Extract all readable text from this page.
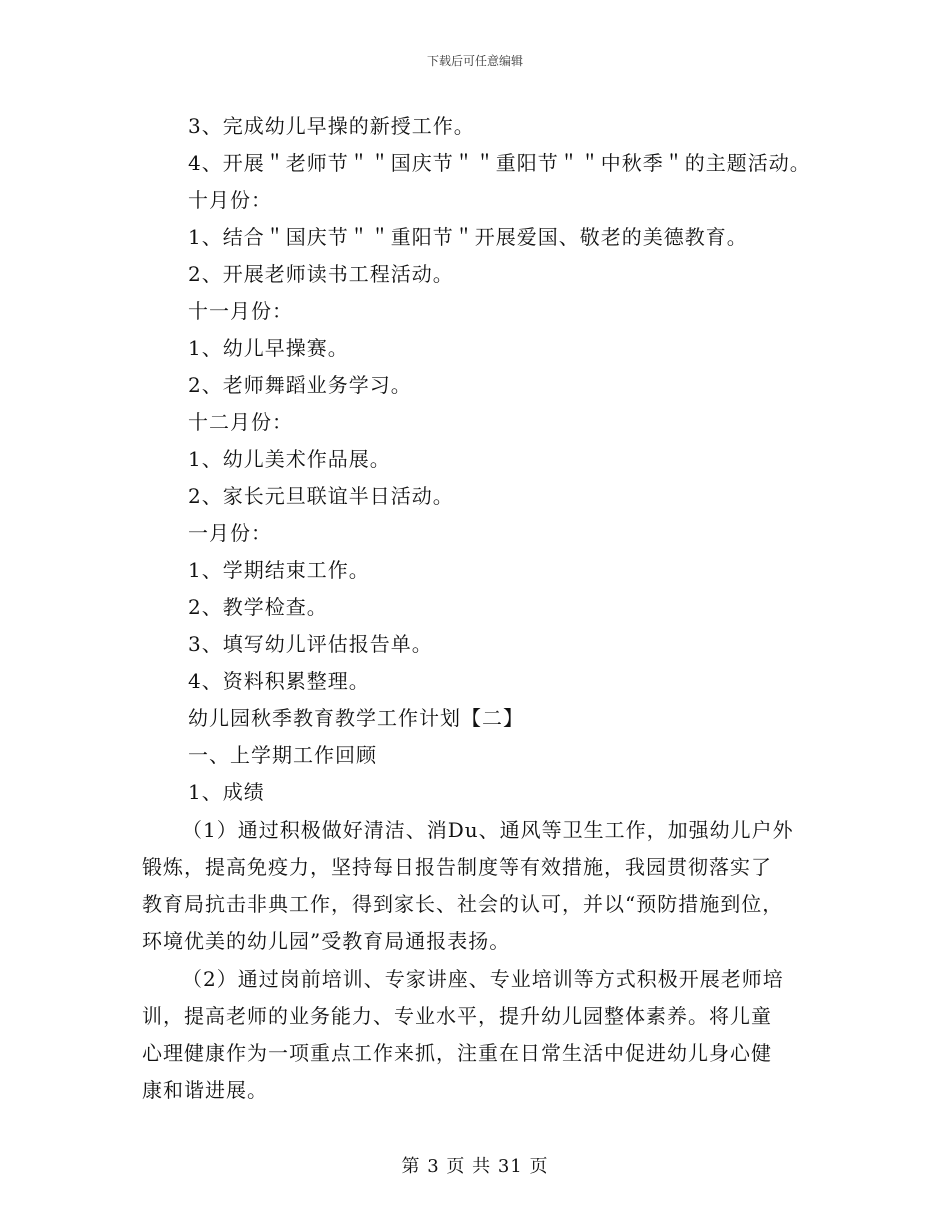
下载后可任意编辑
3、完成幼儿早操的新授工作。
4、开展＂老师节＂＂国庆节＂＂重阳节＂＂中秋季＂的主题活动。
十月份：
1、结合＂国庆节＂＂重阳节＂开展爱国、敬老的美德教育。
2、开展老师读书工程活动。
十一月份：
1、幼儿早操赛。
2、老师舞蹈业务学习。
十二月份：
1、幼儿美术作品展。
2、家长元旦联谊半日活动。
一月份：
1、学期结束工作。
2、教学检查。
3、填写幼儿评估报告单。
4、资料积累整理。
幼儿园秋季教育教学工作计划【二】
一、上学期工作回顾
1、成绩
（1）通过积极做好清洁、消Du、通风等卫生工作，加强幼儿户外
锻炼，提高免疫力，坚持每日报告制度等有效措施，我园贯彻落实了
教育局抗击非典工作，得到家长、社会的认可，并以“预防措施到位，
环境优美的幼儿园”受教育局通报表扬。
（2）通过岗前培训、专家讲座、专业培训等方式积极开展老师培
训，提高老师的业务能力、专业水平，提升幼儿园整体素养。将儿童
心理健康作为一项重点工作来抓，注重在日常生活中促进幼儿身心健
康和谐进展。
第 3 页 共 31 页
